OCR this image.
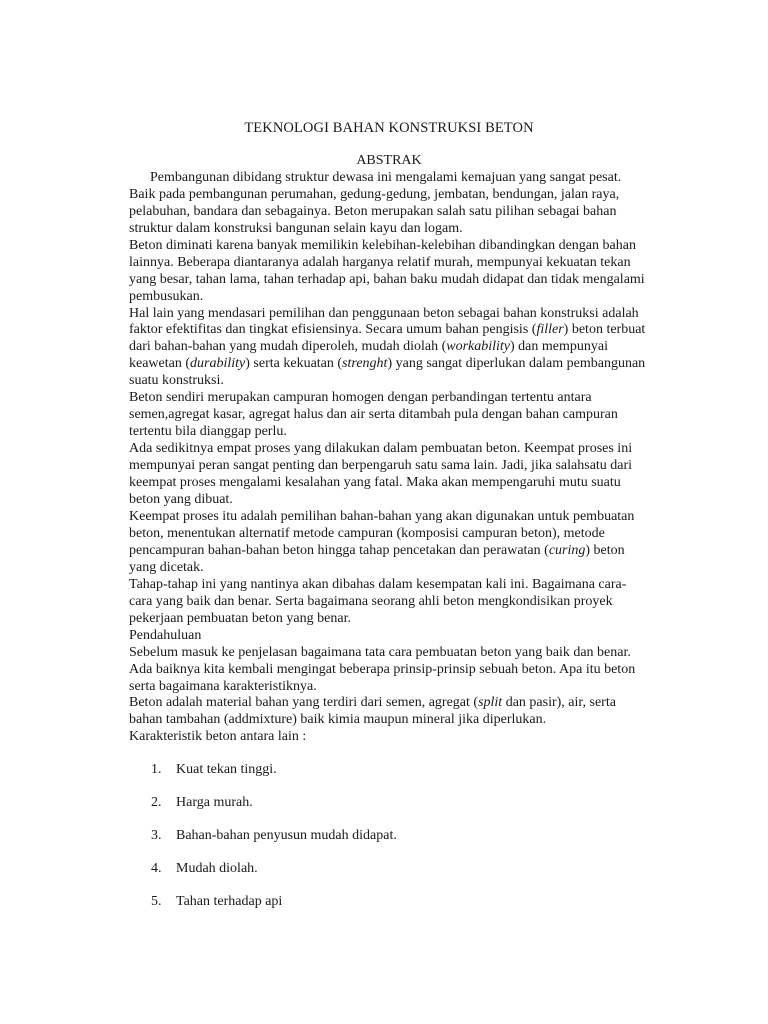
TEKNOLOGI BAHAN KONSTRUKSI BETON
ABSTRAK

Pembangunan dibidang struktur dewasa ini mengalami kemajuan yang sangat pesat. Baik pada pembangunan perumahan, gedung-gedung, jembatan, bendungan, jalan raya, pelabuhan, bandara dan sebagainya. Beton merupakan salah satu pilihan sebagai bahan struktur dalam konstruksi bangunan selain kayu dan logam.

Beton diminati karena banyak memilikin kelebihan-kelebihan dibandingkan dengan bahan lainnya. Beberapa diantaranya adalah harganya relatif murah, mempunyai kekuatan tekan yang besar, tahan lama, tahan terhadap api, bahan baku mudah didapat dan tidak mengalami pembusukan.

Hal lain yang mendasari pemilihan dan penggunaan beton sebagai bahan konstruksi adalah faktor efektifitas dan tingkat efisiensinya. Secara umum bahan pengisis (filler) beton terbuat dari bahan-bahan yang mudah diperoleh, mudah diolah (workability) dan mempunyai keawetan (durability) serta kekuatan (strenght) yang sangat diperlukan dalam pembangunan suatu konstruksi.

Beton sendiri merupakan campuran homogen dengan perbandingan tertentu antara semen,agregat kasar, agregat halus dan air serta ditambah pula dengan bahan campuran tertentu bila dianggap perlu.

Ada sedikitnya empat proses yang dilakukan dalam pembuatan beton. Keempat proses ini mempunyai peran sangat penting dan berpengaruh satu sama lain. Jadi, jika salahsatu dari keempat proses mengalami kesalahan yang fatal. Maka akan mempengaruhi mutu suatu beton yang dibuat.

Keempat proses itu adalah pemilihan bahan-bahan yang akan digunakan untuk pembuatan beton, menentukan alternatif metode campuran (komposisi campuran beton), metode pencampuran bahan-bahan beton hingga tahap pencetakan dan perawatan (curing) beton yang dicetak.

Tahap-tahap ini yang nantinya akan dibahas dalam kesempatan kali ini. Bagaimana cara-cara yang baik dan benar. Serta bagaimana seorang ahli beton mengkondisikan proyek pekerjaan pembuatan beton yang benar.

Pendahuluan

Sebelum masuk ke penjelasan bagaimana tata cara pembuatan beton yang baik dan benar. Ada baiknya kita kembali mengingat beberapa prinsip-prinsip sebuah beton. Apa itu beton serta bagaimana karakteristiknya.

Beton adalah material bahan yang terdiri dari semen, agregat (split dan pasir), air, serta bahan tambahan (addmixture) baik kimia maupun mineral jika diperlukan.

Karakteristik beton antara lain :

1.	Kuat tekan tinggi.
2.	Harga murah.
3.	Bahan-bahan penyusun mudah didapat.
4.	Mudah diolah.
5.	Tahan terhadap api
